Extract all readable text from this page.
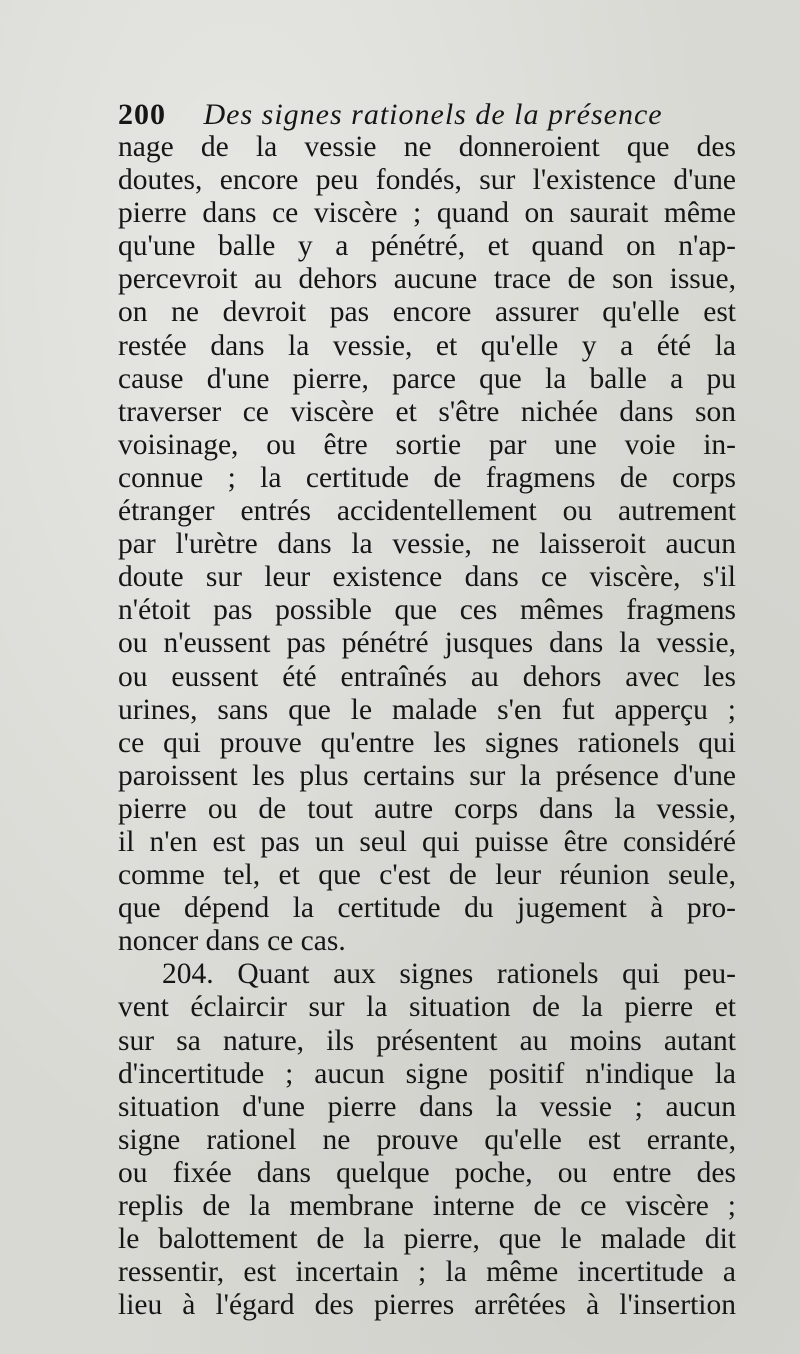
200 Des signes rationels de la présence
nage de la vessie ne donneroient que des
doutes, encore peu fondés, sur l'existence d'une
pierre dans ce viscère ; quand on saurait même
qu'une balle y a pénétré, et quand on n'ap-
percevroit au dehors aucune trace de son issue,
on ne devroit pas encore assurer qu'elle est
restée dans la vessie, et qu'elle y a été la
cause d'une pierre, parce que la balle a pu
traverser ce viscère et s'être nichée dans son
voisinage, ou être sortie par une voie in-
connue ; la certitude de fragmens de corps
étranger entrés accidentellement ou autrement
par l'urètre dans la vessie, ne laisseroit aucun
doute sur leur existence dans ce viscère, s'il
n'étoit pas possible que ces mêmes fragmens
ou n'eussent pas pénétré jusques dans la vessie,
ou eussent été entraînés au dehors avec les
urines, sans que le malade s'en fut apperçu ;
ce qui prouve qu'entre les signes rationels qui
paroissent les plus certains sur la présence d'une
pierre ou de tout autre corps dans la vessie,
il n'en est pas un seul qui puisse être considéré
comme tel, et que c'est de leur réunion seule,
que dépend la certitude du jugement à pro-
noncer dans ce cas.
204. Quant aux signes rationels qui peu-
vent éclaircir sur la situation de la pierre et
sur sa nature, ils présentent au moins autant
d'incertitude ; aucun signe positif n'indique la
situation d'une pierre dans la vessie ; aucun
signe rationel ne prouve qu'elle est errante,
ou fixée dans quelque poche, ou entre des
replis de la membrane interne de ce viscère ;
le balottement de la pierre, que le malade dit
ressentir, est incertain ; la même incertitude a
lieu à l'égard des pierres arrêtées à l'insertion
